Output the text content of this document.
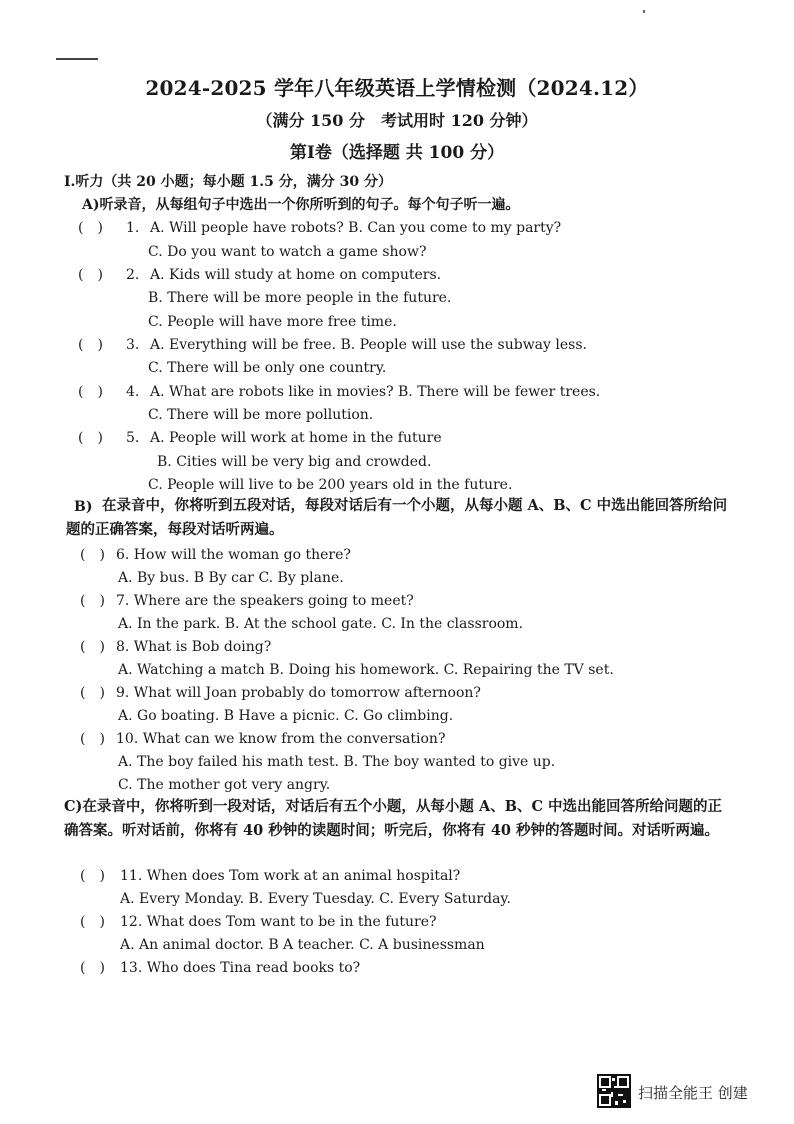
2024-2025 学年八年级英语上学情检测（2024.12）
（满分 150 分　考试用时 120 分钟）
第Ⅰ卷（选择题 共 100 分）
Ⅰ.听力（共 20 小题；每小题 1.5 分，满分 30 分）
A)听录音，从每组句子中选出一个你所听到的句子。每个句子听一遍。
(　) 1. A. Will people have robots? B. Can you come to my party?
C. Do you want to watch a game show?
(　) 2. A. Kids will study at home on computers.
B. There will be more people in the future.
C. People will have more free time.
(　) 3. A. Everything will be free. B. People will use the subway less.
C. There will be only one country.
(　) 4. A. What are robots like in movies? B. There will be fewer trees.
C. There will be more pollution.
(　) 5. A. People will work at home in the future
B. Cities will be very big and crowded.
C. People will live to be 200 years old in the future.
B) 在录音中，你将听到五段对话，每段对话后有一个小题，从每小题 A、B、C 中选出能回答所给问题的正确答案，每段对话听两遍。
(　) 6. How will the woman go there?
A. By bus. B By car C. By plane.
(　) 7. Where are the speakers going to meet?
A. In the park. B. At the school gate. C. In the classroom.
(　) 8. What is Bob doing?
A. Watching a match B. Doing his homework. C. Repairing the TV set.
(　) 9. What will Joan probably do tomorrow afternoon?
A. Go boating. B Have a picnic. C. Go climbing.
(　) 10. What can we know from the conversation?
A. The boy failed his math test. B. The boy wanted to give up.
C. The mother got very angry.
C)在录音中，你将听到一段对话，对话后有五个小题，从每小题 A、B、C 中选出能回答所给问题的正确答案。听对话前，你将有 40 秒钟的读题时间；听完后，你将有 40 秒钟的答题时间。对话听两遍。
(　) 11. When does Tom work at an animal hospital?
A. Every Monday. B. Every Tuesday. C. Every Saturday.
(　) 12. What does Tom want to be in the future?
A. An animal doctor. B A teacher. C. A businessman
(　) 13. Who does Tina read books to?
扫描全能王 创建
